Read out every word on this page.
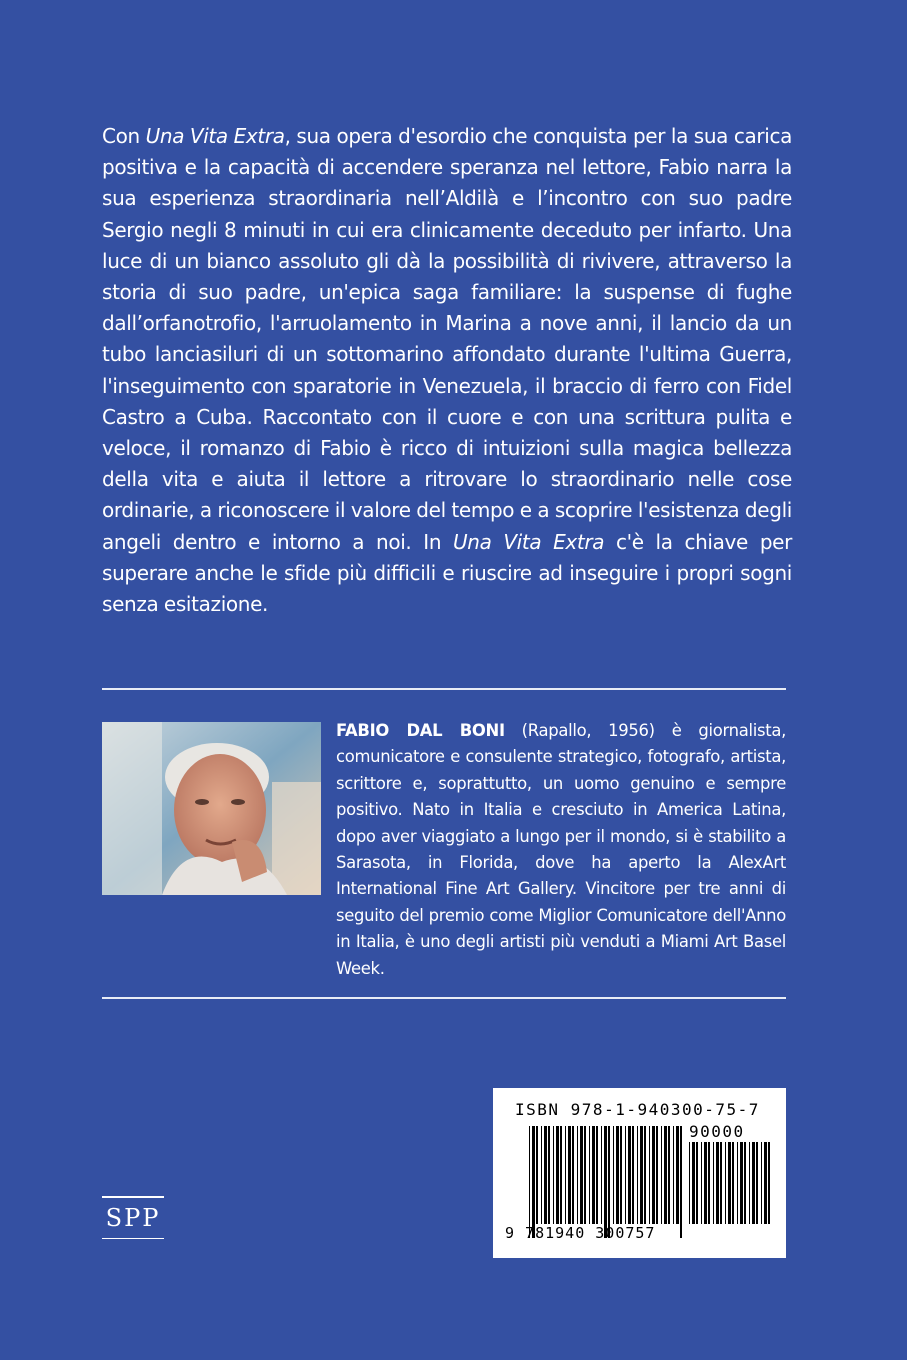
Con Una Vita Extra, sua opera d'esordio che conquista per la sua carica positiva e la capacità di accendere speranza nel lettore, Fabio narra la sua esperienza straordinaria nell’Aldilà e l’incontro con suo padre Sergio negli 8 minuti in cui era clinicamente deceduto per infarto. Una luce di un bianco assoluto gli dà la possibilità di rivivere, attraverso la storia di suo padre, un'epica saga familiare: la suspense di fughe dall’orfanotrofio, l'arruolamento in Marina a nove anni, il lancio da un tubo lanciasiluri di un sottomarino affondato durante l'ultima Guerra, l'inseguimento con sparatorie in Venezuela, il braccio di ferro con Fidel Castro a Cuba. Raccontato con il cuore e con una scrittura pulita e veloce, il romanzo di Fabio è ricco di intuizioni sulla magica bellezza della vita e aiuta il lettore a ritrovare lo straordinario nelle cose ordinarie, a riconoscere il valore del tempo e a scoprire l'esistenza degli angeli dentro e intorno a noi. In Una Vita Extra c'è la chiave per superare anche le sfide più difficili e riuscire ad inseguire i propri sogni senza esitazione.
FABIO DAL BONI (Rapallo, 1956) è giornalista, comunicatore e consulente strategico, fotografo, artista, scrittore e, soprattutto, un uomo genuino e sempre positivo. Nato in Italia e cresciuto in America Latina, dopo aver viaggiato a lungo per il mondo, si è stabilito a Sarasota, in Florida, dove ha aperto la AlexArt International Fine Art Gallery. Vincitore per tre anni di seguito del premio come Miglior Comunicatore dell'Anno in Italia, è uno degli artisti più venduti a Miami Art Basel Week.
ISBN 978-1-940300-75-7
90000
9 781940 300757
SPP
